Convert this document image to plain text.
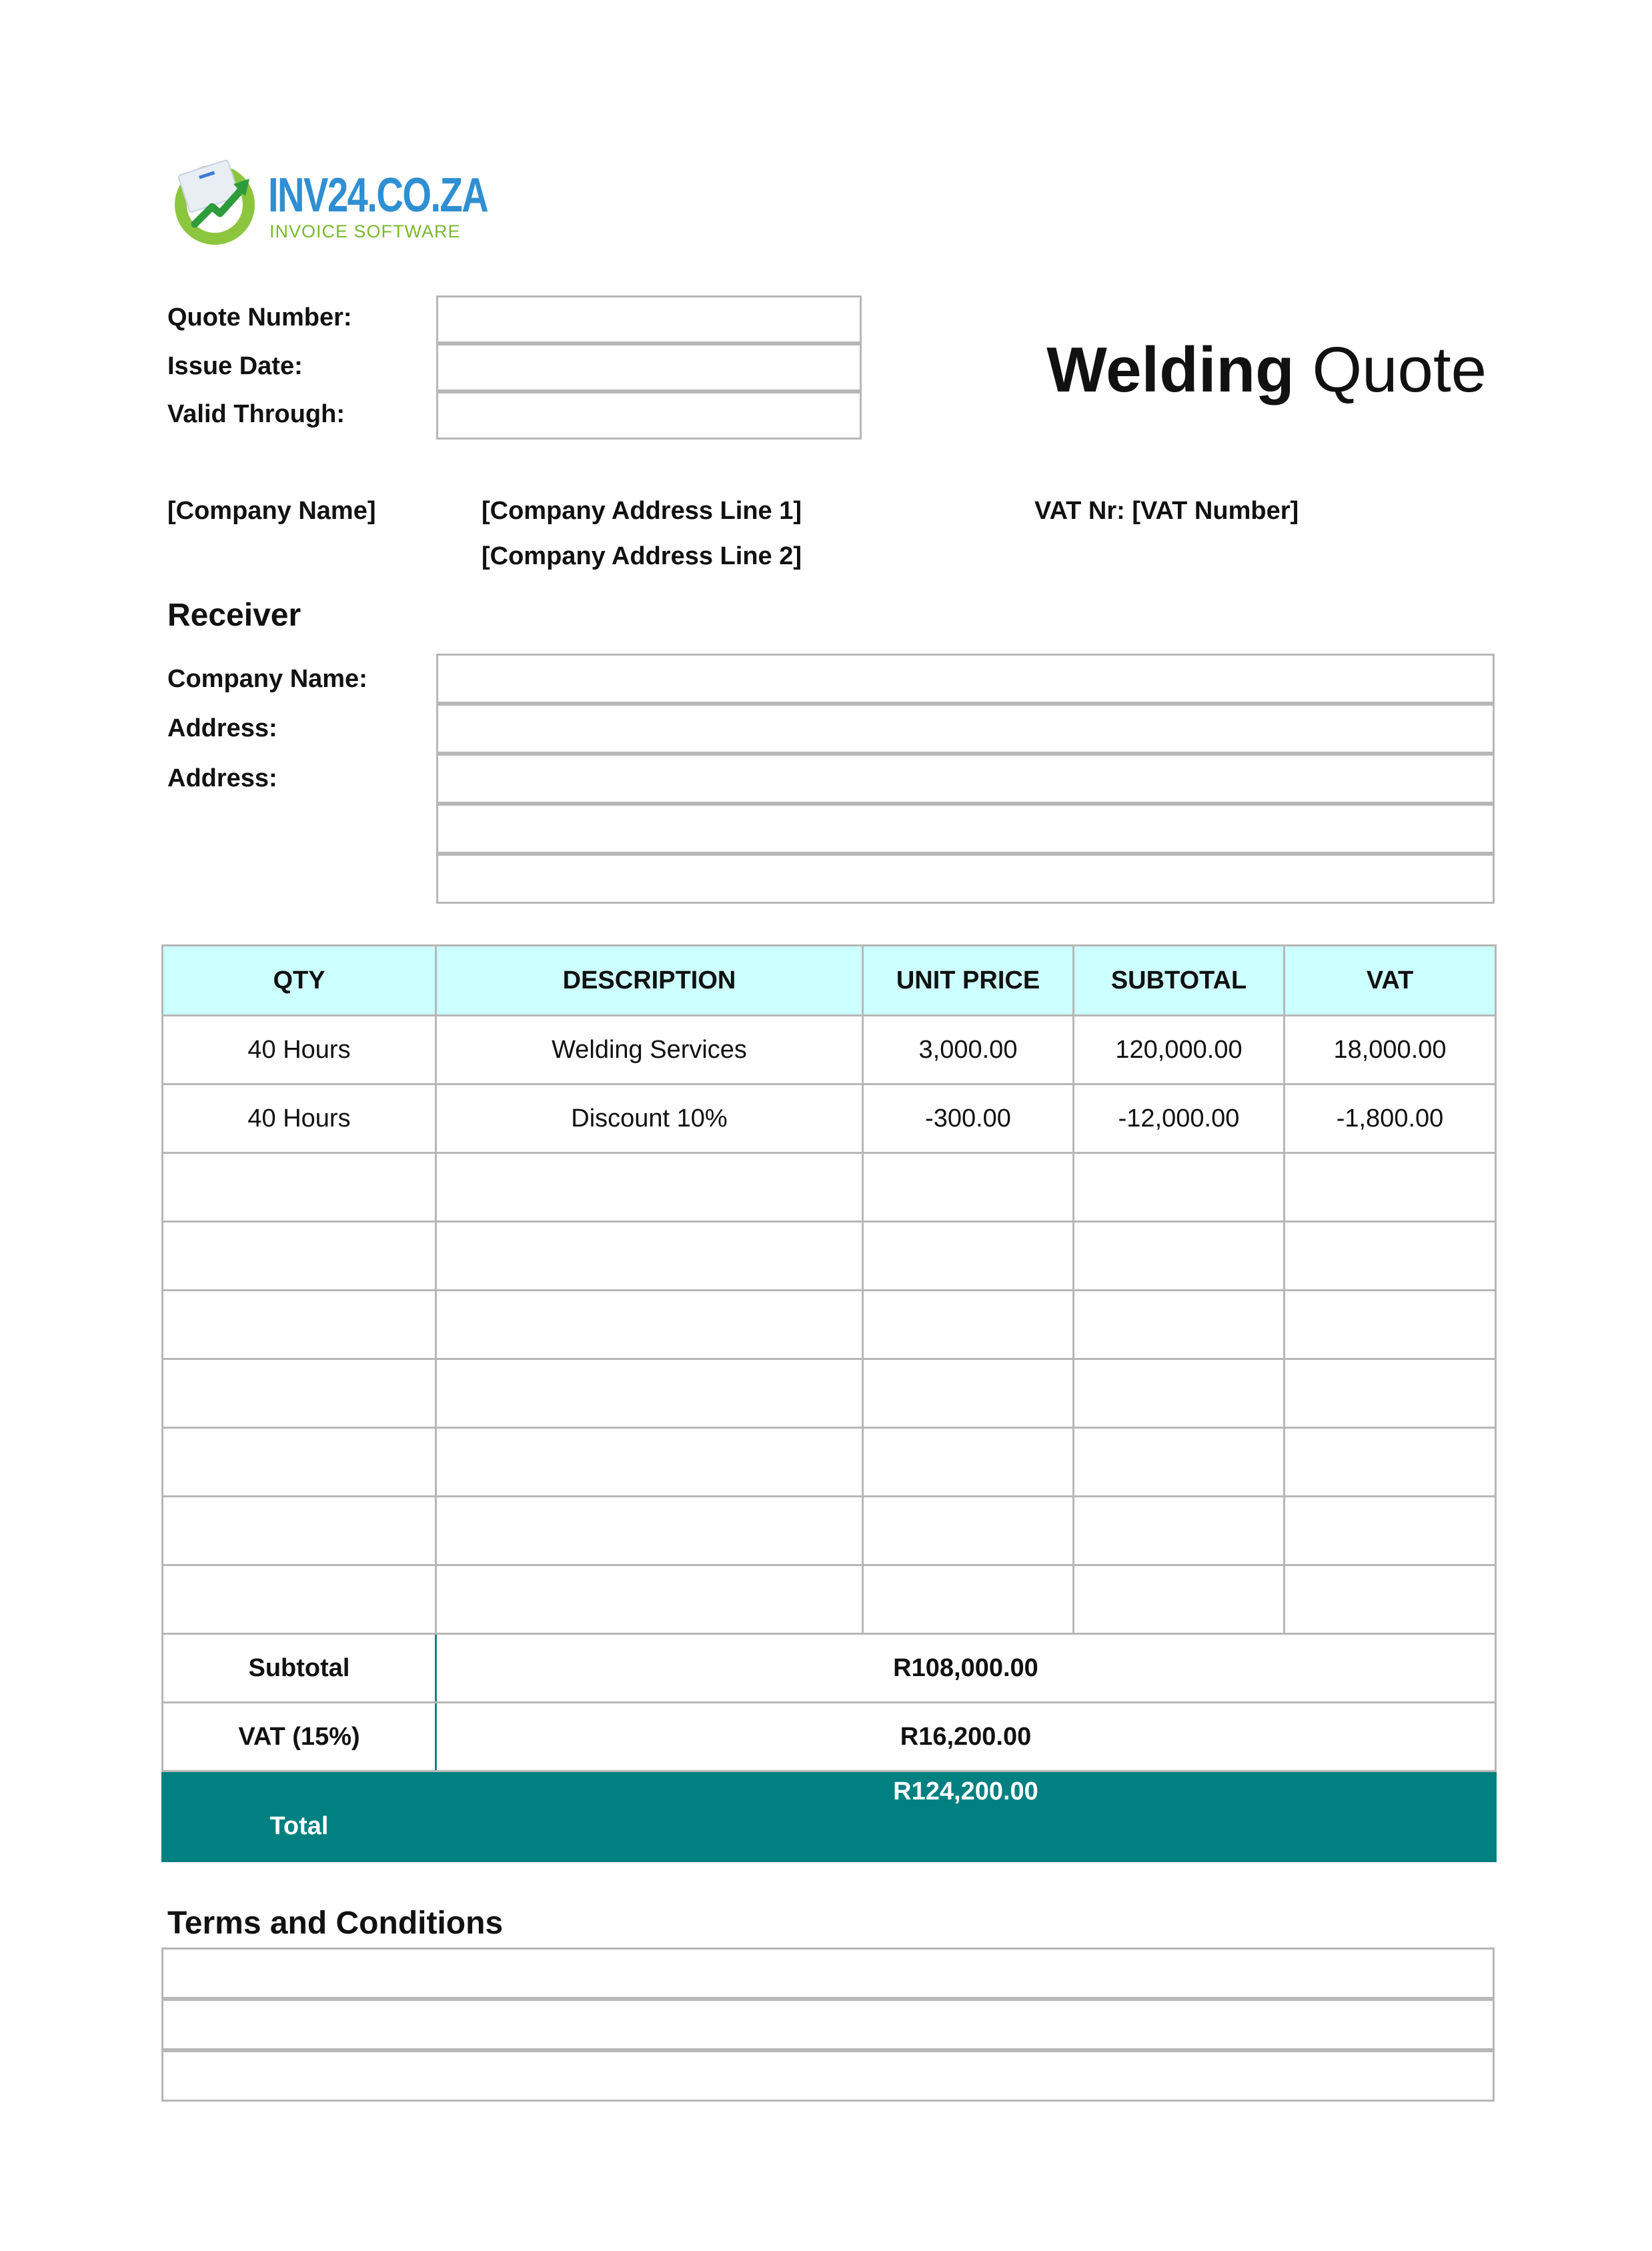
INV24.CO.ZA
INVOICE SOFTWARE
Quote Number:
Issue Date:
Valid Through:
Welding Quote
[Company Name]	[Company Address Line 1]
[Company Address Line 2]
VAT Nr: [VAT Number]
Receiver
Company Name:
Address:
Address:
QTY	DESCRIPTION	UNIT PRICE	SUBTOTAL	VAT
40 Hours	Welding Services	3,000.00	120,000.00	18,000.00
40 Hours	Discount 10%	-300.00	-12,000.00	-1,800.00

Subtotal	R108,000.00			
VAT (15%)	R16,200.00			
Total	R124,200.00			
Terms and Conditions
